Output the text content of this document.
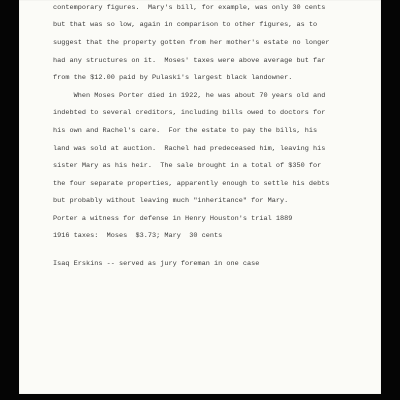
contemporary figures.  Mary's bill, for example, was only 30 cents

but that was so low, again in comparison to other figures, as to

suggest that the property gotten from her mother's estate no longer

had any structures on it.  Moses' taxes were above average but far

from the $12.00 paid by Pulaski's largest black landowner.

When Moses Porter died in 1922, he was about 70 years old and

indebted to several creditors, including bills owed to doctors for

his own and Rachel's care.  For the estate to pay the bills, his

land was sold at auction.  Rachel had predeceased him, leaving his

sister Mary as his heir.  The sale brought in a total of $350 for

the four separate properties, apparently enough to settle his debts

but probably without leaving much "inheritance" for Mary.

Porter a witness for defense in Henry Houston's trial 1889

1916 taxes:  Moses  $3.73; Mary  30 cents

Isaq Erskins -- served as jury foreman in one case
